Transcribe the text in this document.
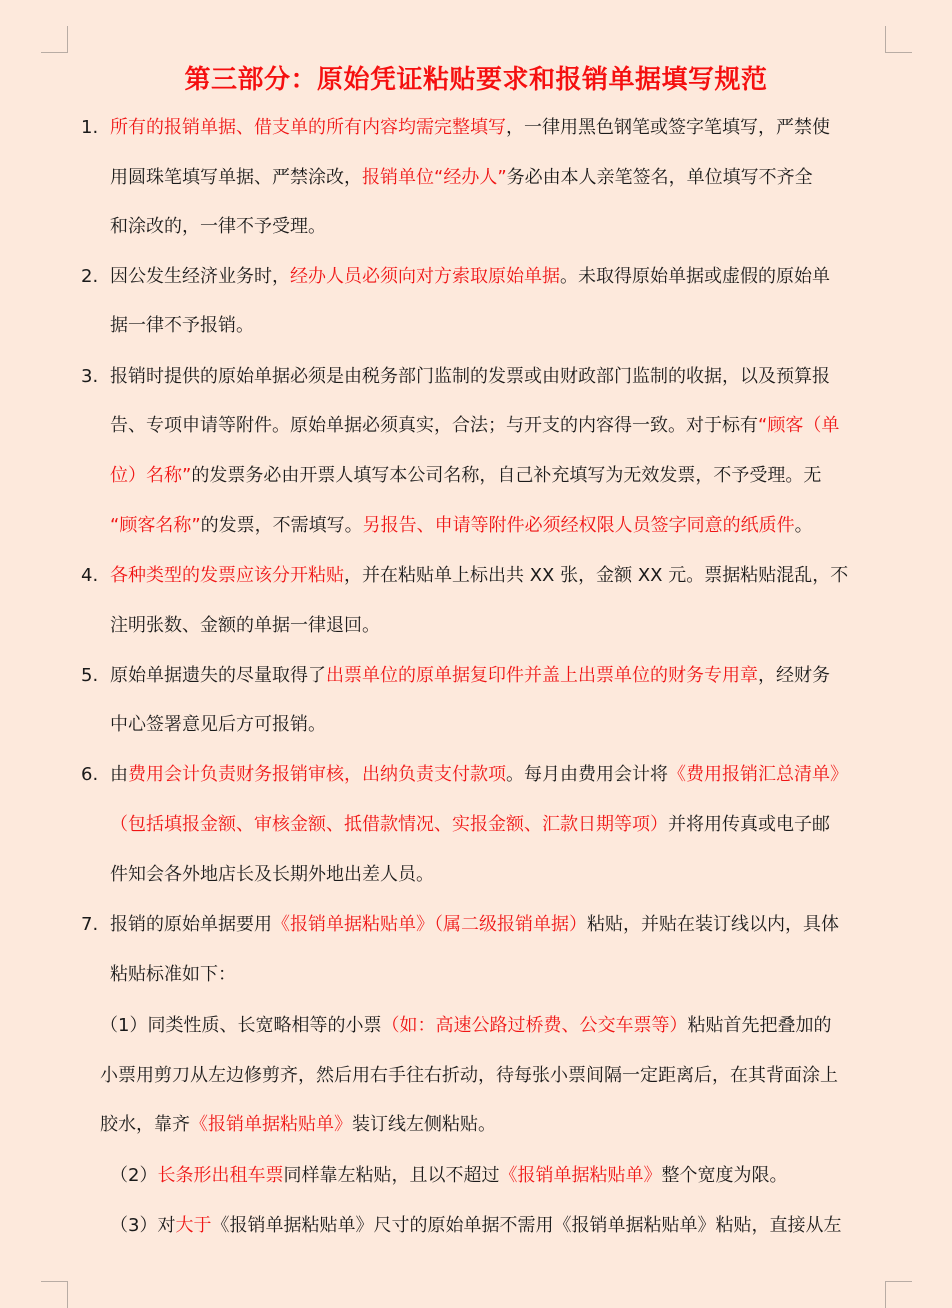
第三部分：原始凭证粘贴要求和报销单据填写规范
1. 所有的报销单据、借支单的所有内容均需完整填写，一律用黑色钢笔或签字笔填写，严禁使
用圆珠笔填写单据、严禁涂改，报销单位“经办人”务必由本人亲笔签名，单位填写不齐全
和涂改的，一律不予受理。
2. 因公发生经济业务时，经办人员必须向对方索取原始单据。未取得原始单据或虚假的原始单
据一律不予报销。
3. 报销时提供的原始单据必须是由税务部门监制的发票或由财政部门监制的收据，以及预算报
告、专项申请等附件。原始单据必须真实，合法；与开支的内容得一致。对于标有“顾客（单
位）名称”的发票务必由开票人填写本公司名称，自己补充填写为无效发票，不予受理。无
“顾客名称”的发票，不需填写。另报告、申请等附件必须经权限人员签字同意的纸质件。
4. 各种类型的发票应该分开粘贴，并在粘贴单上标出共 XX 张，金额 XX 元。票据粘贴混乱，不
注明张数、金额的单据一律退回。
5. 原始单据遗失的尽量取得了出票单位的原单据复印件并盖上出票单位的财务专用章，经财务
中心签署意见后方可报销。
6. 由费用会计负责财务报销审核，出纳负责支付款项。每月由费用会计将《费用报销汇总清单》
（包括填报金额、审核金额、抵借款情况、实报金额、汇款日期等项）并将用传真或电子邮
件知会各外地店长及长期外地出差人员。
7. 报销的原始单据要用《报销单据粘贴单》（属二级报销单据）粘贴，并贴在装订线以内，具体
粘贴标准如下：
（1）同类性质、长宽略相等的小票（如：高速公路过桥费、公交车票等）粘贴首先把叠加的
小票用剪刀从左边修剪齐，然后用右手往右折动，待每张小票间隔一定距离后，在其背面涂上
胶水，靠齐《报销单据粘贴单》装订线左侧粘贴。
（2）长条形出租车票同样靠左粘贴，且以不超过《报销单据粘贴单》整个宽度为限。
（3）对大于《报销单据粘贴单》尺寸的原始单据不需用《报销单据粘贴单》粘贴，直接从左
